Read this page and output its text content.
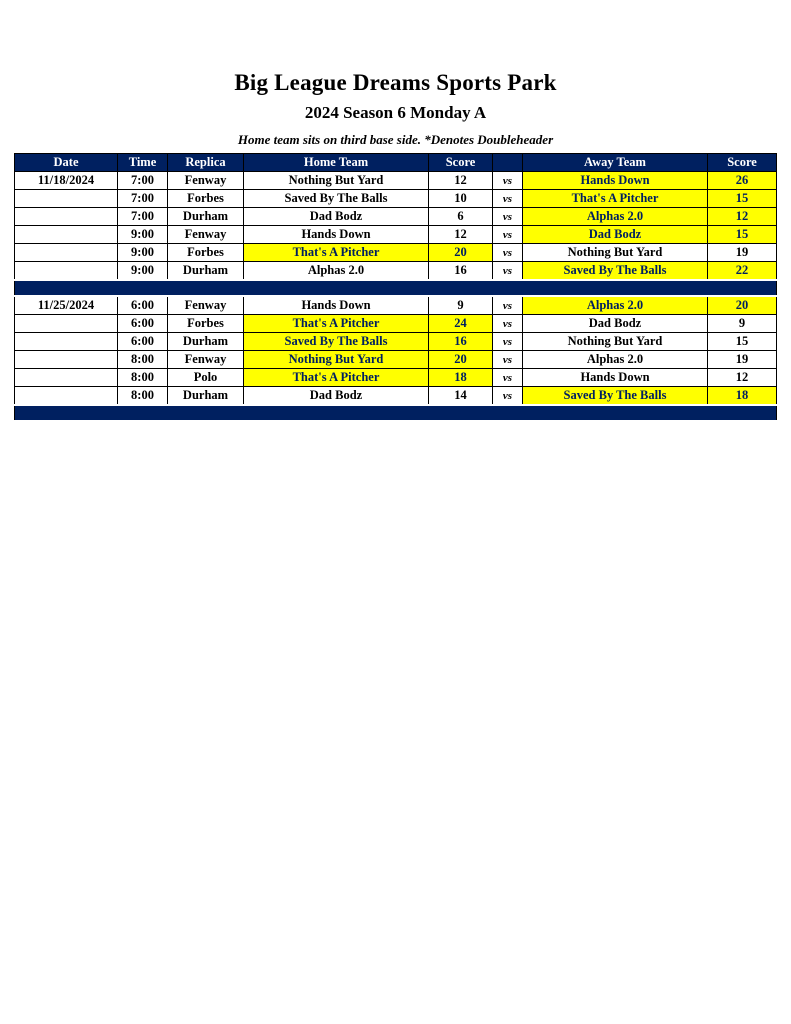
Big League Dreams Sports Park
2024 Season 6 Monday A

Home team sits on third base side. *Denotes Doubleheader

Date	Time	Replica	Home Team	Score		Away Team	Score
11/18/2024	7:00	Fenway	Nothing But Yard	12	vs	Hands Down	26
	7:00	Forbes	Saved By The Balls	10	vs	That's A Pitcher	15
	7:00	Durham	Dad Bodz	6	vs	Alphas 2.0	12
	9:00	Fenway	Hands Down	12	vs	Dad Bodz	15
	9:00	Forbes	That's A Pitcher	20	vs	Nothing But Yard	19
	9:00	Durham	Alphas 2.0	16	vs	Saved By The Balls	22

11/25/2024	6:00	Fenway	Hands Down	9	vs	Alphas 2.0	20
	6:00	Forbes	That's A Pitcher	24	vs	Dad Bodz	9
	6:00	Durham	Saved By The Balls	16	vs	Nothing But Yard	15
	8:00	Fenway	Nothing But Yard	20	vs	Alphas 2.0	19
	8:00	Polo	That's A Pitcher	18	vs	Hands Down	12
	8:00	Durham	Dad Bodz	14	vs	Saved By The Balls	18
